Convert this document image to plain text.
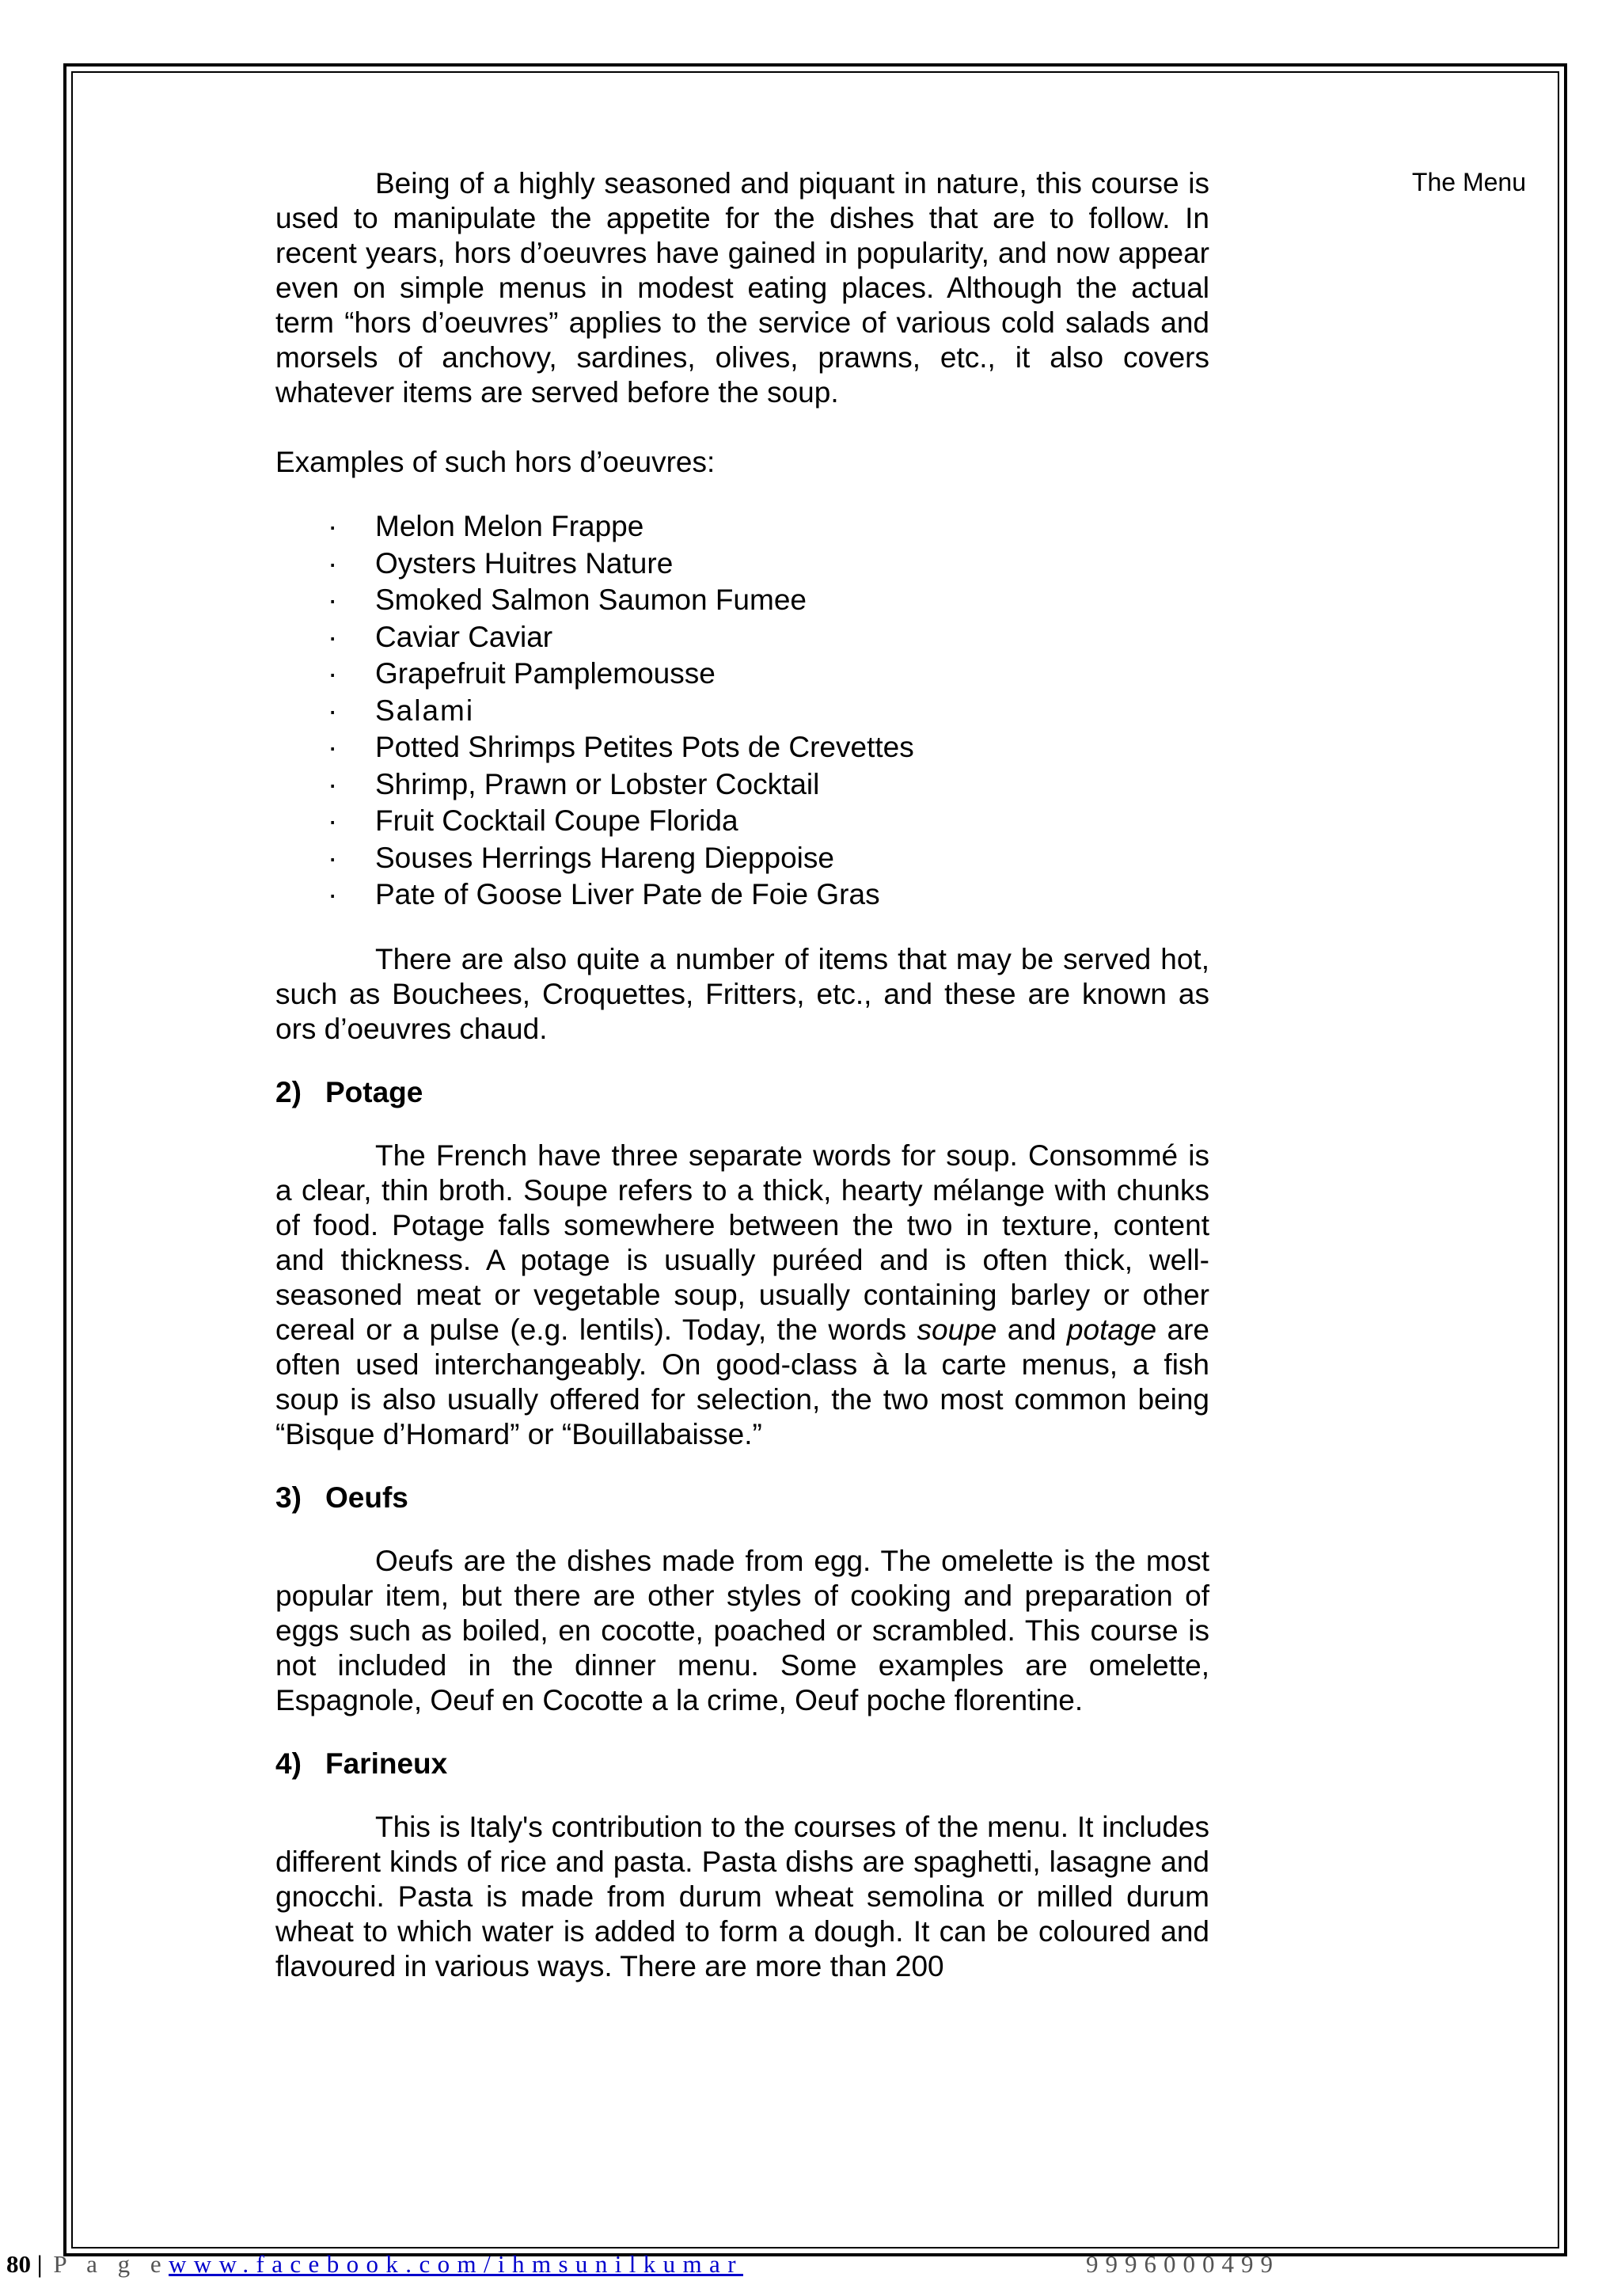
The Menu

Being of a highly seasoned and piquant in nature, this course is used to manipulate the appetite for the dishes that are to follow. In recent years, hors d’oeuvres have gained in popularity, and now appear even on simple menus in modest eating places. Although the actual term “hors d’oeuvres” applies to the service of various cold salads and morsels of anchovy, sardines, olives, prawns, etc., it also covers whatever items are served before the soup.

Examples of such hors d’oeuvres:

· Melon Melon Frappe
· Oysters Huitres Nature
· Smoked Salmon Saumon Fumee
· Caviar Caviar
· Grapefruit Pamplemousse
· Salami
· Potted Shrimps Petites Pots de Crevettes
· Shrimp, Prawn or Lobster Cocktail
· Fruit Cocktail Coupe Florida
· Souses Herrings Hareng Dieppoise
· Pate of Goose Liver Pate de Foie Gras

There are also quite a number of items that may be served hot, such as Bouchees, Croquettes, Fritters, etc., and these are known as ors d’oeuvres chaud.

2) Potage

The French have three separate words for soup. Consommé is a clear, thin broth. Soupe refers to a thick, hearty mélange with chunks of food. Potage falls somewhere between the two in texture, content and thickness. A potage is usually puréed and is often thick, well-seasoned meat or vegetable soup, usually containing barley or other cereal or a pulse (e.g. lentils). Today, the words soupe and potage are often used interchangeably. On good-class à la carte menus, a fish soup is also usually offered for selection, the two most common being “Bisque d’Homard” or “Bouillabaisse.”

3) Oeufs

Oeufs are the dishes made from egg. The omelette is the most popular item, but there are other styles of cooking and preparation of eggs such as boiled, en cocotte, poached or scrambled. This course is not included in the dinner menu. Some examples are omelette, Espagnole, Oeuf en Cocotte a la crime, Oeuf poche florentine.

4) Farineux

This is Italy's contribution to the courses of the menu. It includes different kinds of rice and pasta. Pasta dishs are spaghetti, lasagne and gnocchi. Pasta is made from durum wheat semolina or milled durum wheat to which water is added to form a dough. It can be coloured and flavoured in various ways. There are more than 200

80 | P a g e www.facebook.com/ihmsunilkumar	9996000499
